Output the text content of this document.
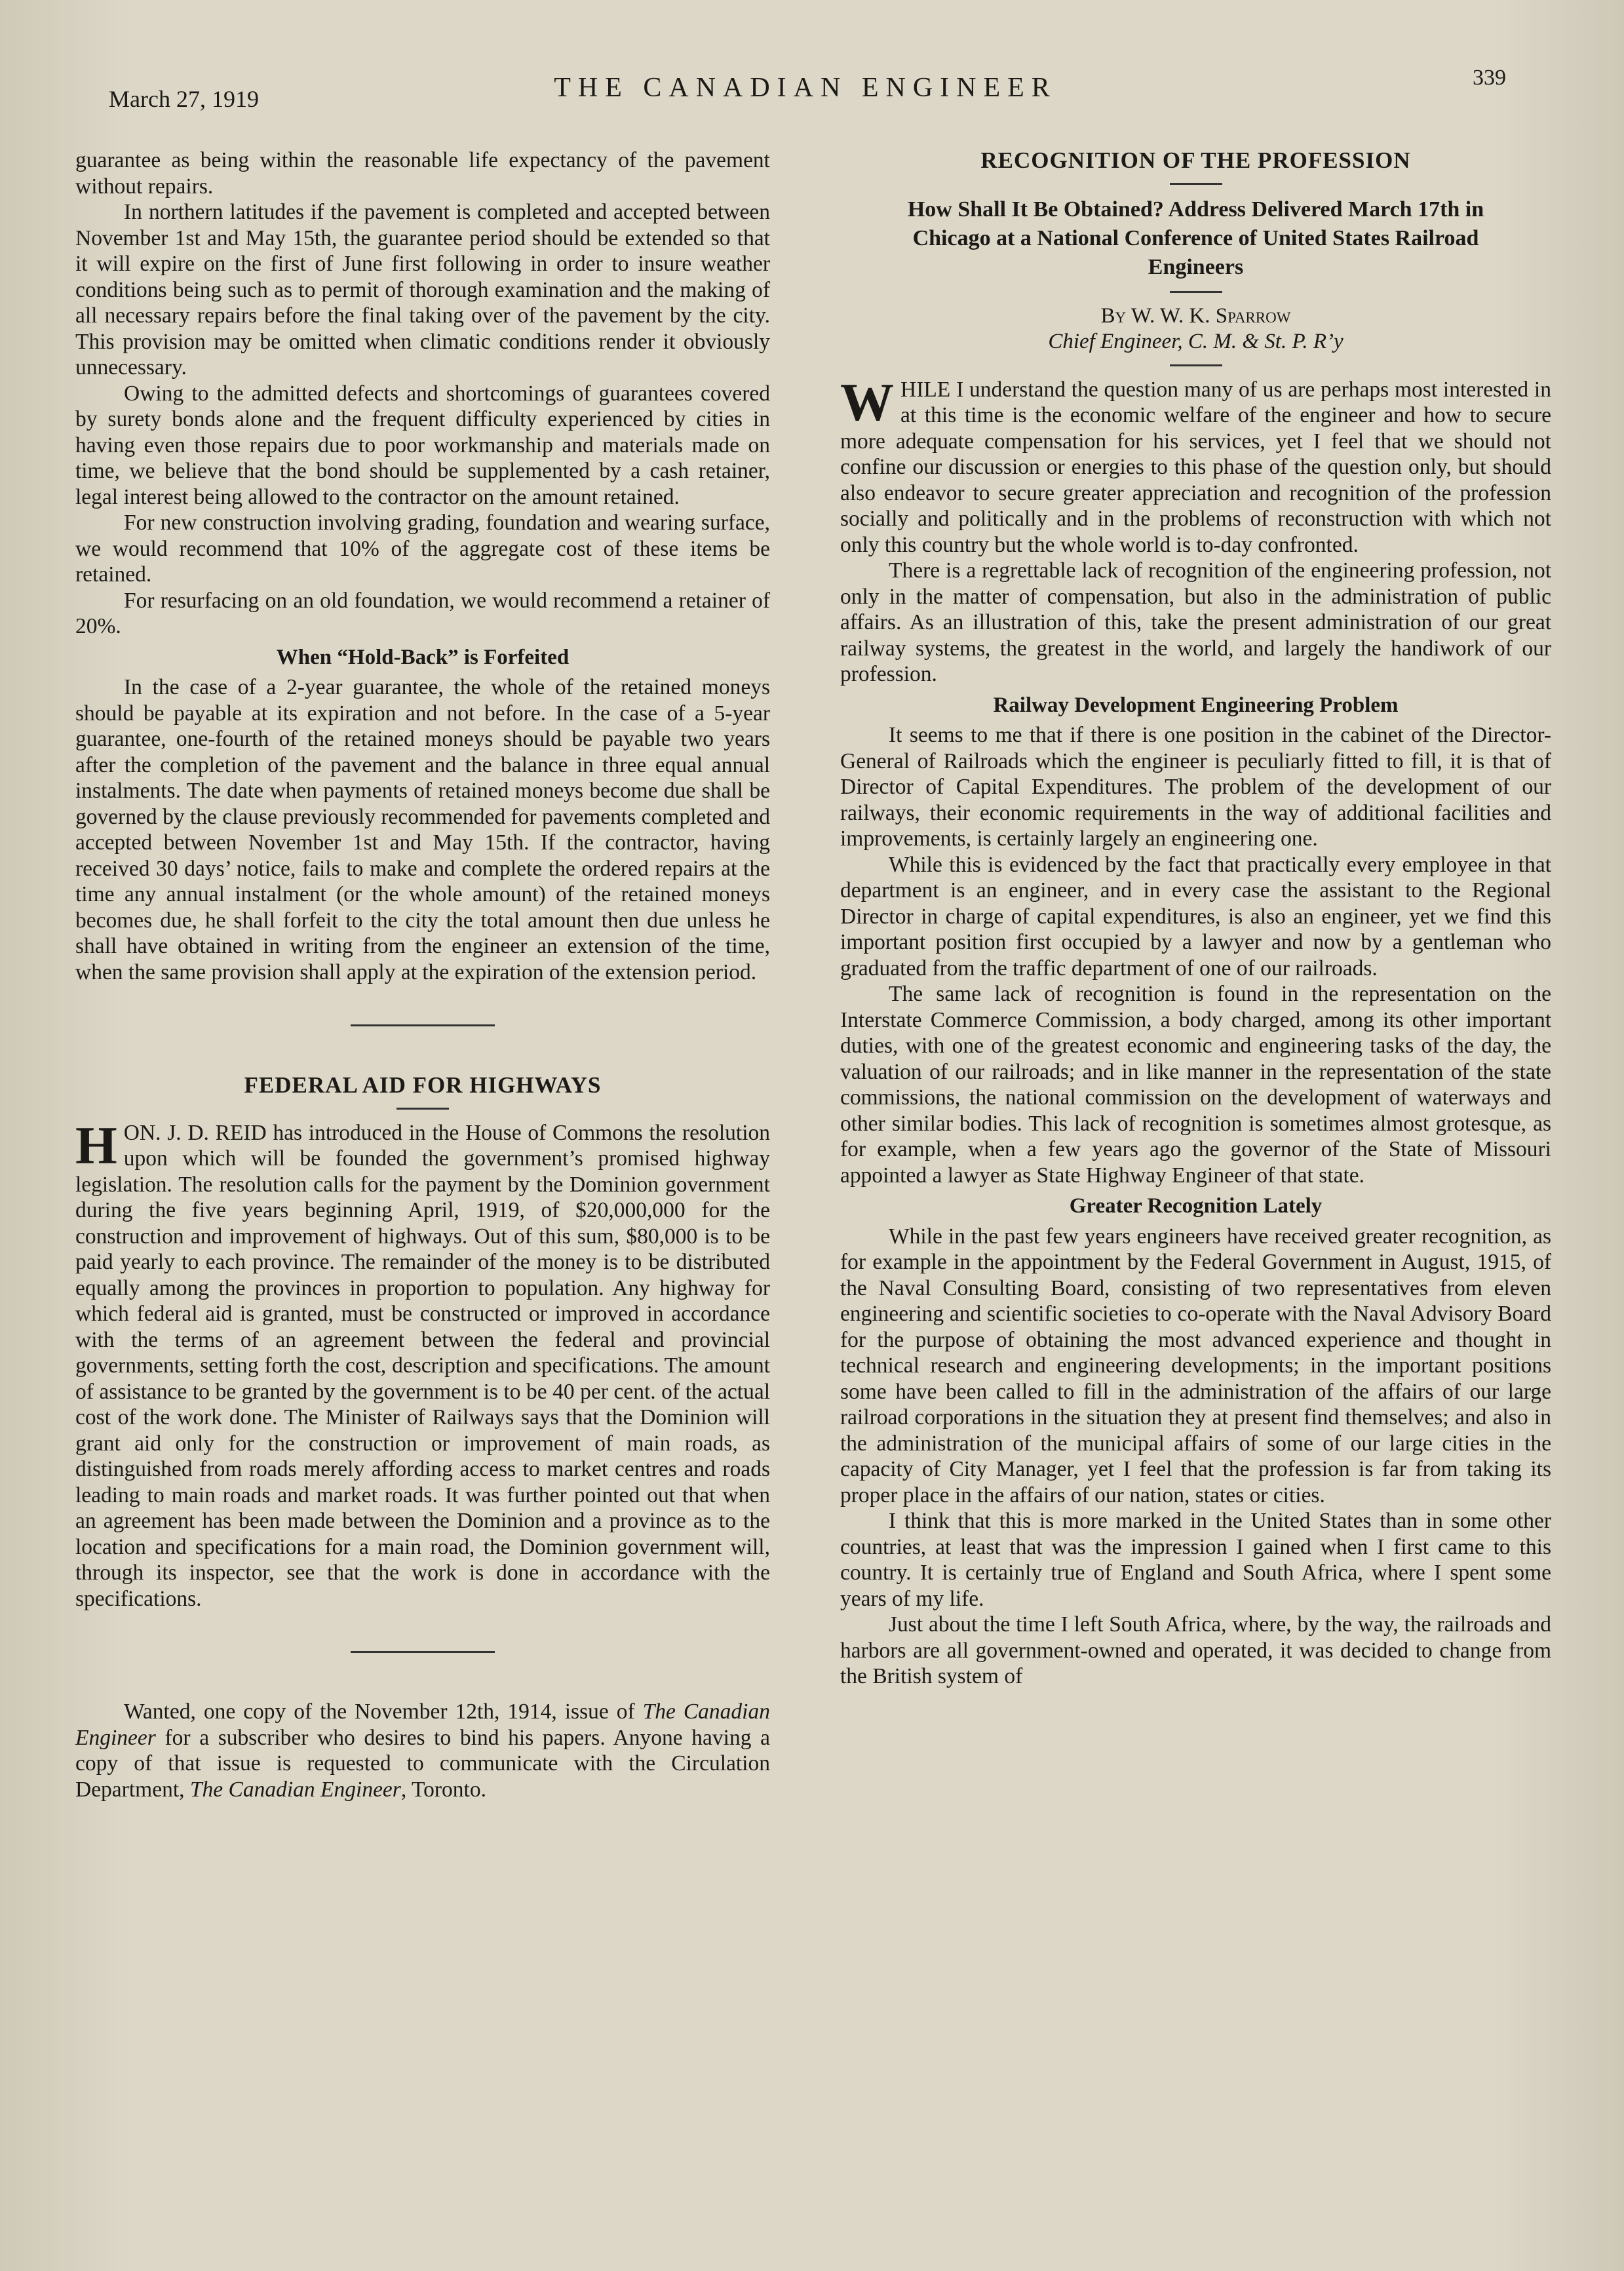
March 27, 1919	THE CANADIAN ENGINEER	339

guarantee as being within the reasonable life expectancy of the pavement without repairs.

In northern latitudes if the pavement is completed and accepted between November 1st and May 15th, the guarantee period should be extended so that it will expire on the first of June first following in order to insure weather conditions being such as to permit of thorough examination and the making of all necessary repairs before the final taking over of the pavement by the city. This provision may be omitted when climatic conditions render it obviously unnecessary.

Owing to the admitted defects and shortcomings of guarantees covered by surety bonds alone and the frequent difficulty experienced by cities in having even those repairs due to poor workmanship and materials made on time, we believe that the bond should be supplemented by a cash retainer, legal interest being allowed to the contractor on the amount retained.

For new construction involving grading, foundation and wearing surface, we would recommend that 10% of the aggregate cost of these items be retained.

For resurfacing on an old foundation, we would recommend a retainer of 20%.

When “Hold-Back” is Forfeited

In the case of a 2-year guarantee, the whole of the retained moneys should be payable at its expiration and not before. In the case of a 5-year guarantee, one-fourth of the retained moneys should be payable two years after the completion of the pavement and the balance in three equal annual instalments. The date when payments of retained moneys become due shall be governed by the clause previously recommended for pavements completed and accepted between November 1st and May 15th. If the contractor, having received 30 days’ notice, fails to make and complete the ordered repairs at the time any annual instalment (or the whole amount) of the retained moneys becomes due, he shall forfeit to the city the total amount then due unless he shall have obtained in writing from the engineer an extension of the time, when the same provision shall apply at the expiration of the extension period.

FEDERAL AID FOR HIGHWAYS

HON. J. D. REID has introduced in the House of Commons the resolution upon which will be founded the government’s promised highway legislation. The resolution calls for the payment by the Dominion government during the five years beginning April, 1919, of $20,000,000 for the construction and improvement of highways. Out of this sum, $80,000 is to be paid yearly to each province. The remainder of the money is to be distributed equally among the provinces in proportion to population. Any highway for which federal aid is granted, must be constructed or improved in accordance with the terms of an agreement between the federal and provincial governments, setting forth the cost, description and specifications. The amount of assistance to be granted by the government is to be 40 per cent. of the actual cost of the work done. The Minister of Railways says that the Dominion will grant aid only for the construction or improvement of main roads, as distinguished from roads merely affording access to market centres and roads leading to main roads and market roads. It was further pointed out that when an agreement has been made between the Dominion and a province as to the location and specifications for a main road, the Dominion government will, through its inspector, see that the work is done in accordance with the specifications.

Wanted, one copy of the November 12th, 1914, issue of The Canadian Engineer for a subscriber who desires to bind his papers. Anyone having a copy of that issue is requested to communicate with the Circulation Department, The Canadian Engineer, Toronto.

RECOGNITION OF THE PROFESSION
How Shall It Be Obtained? Address Delivered March 17th in Chicago at a National Conference of United States Railroad Engineers
By W. W. K. Sparrow
Chief Engineer, C. M. & St. P. R’y

WHILE I understand the question many of us are perhaps most interested in at this time is the economic welfare of the engineer and how to secure more adequate compensation for his services, yet I feel that we should not confine our discussion or energies to this phase of the question only, but should also endeavor to secure greater appreciation and recognition of the profession socially and politically and in the problems of reconstruction with which not only this country but the whole world is to-day confronted.

There is a regrettable lack of recognition of the engineering profession, not only in the matter of compensation, but also in the administration of public affairs. As an illustration of this, take the present administration of our great railway systems, the greatest in the world, and largely the handiwork of our profession.

Railway Development Engineering Problem

It seems to me that if there is one position in the cabinet of the Director-General of Railroads which the engineer is peculiarly fitted to fill, it is that of Director of Capital Expenditures. The problem of the development of our railways, their economic requirements in the way of additional facilities and improvements, is certainly largely an engineering one.

While this is evidenced by the fact that practically every employee in that department is an engineer, and in every case the assistant to the Regional Director in charge of capital expenditures, is also an engineer, yet we find this important position first occupied by a lawyer and now by a gentleman who graduated from the traffic department of one of our railroads.

The same lack of recognition is found in the representation on the Interstate Commerce Commission, a body charged, among its other important duties, with one of the greatest economic and engineering tasks of the day, the valuation of our railroads; and in like manner in the representation of the state commissions, the national commission on the development of waterways and other similar bodies. This lack of recognition is sometimes almost grotesque, as for example, when a few years ago the governor of the State of Missouri appointed a lawyer as State Highway Engineer of that state.

Greater Recognition Lately

While in the past few years engineers have received greater recognition, as for example in the appointment by the Federal Government in August, 1915, of the Naval Consulting Board, consisting of two representatives from eleven engineering and scientific societies to co-operate with the Naval Advisory Board for the purpose of obtaining the most advanced experience and thought in technical research and engineering developments; in the important positions some have been called to fill in the administration of the affairs of our large railroad corporations in the situation they at present find themselves; and also in the administration of the municipal affairs of some of our large cities in the capacity of City Manager, yet I feel that the profession is far from taking its proper place in the affairs of our nation, states or cities.

I think that this is more marked in the United States than in some other countries, at least that was the impression I gained when I first came to this country. It is certainly true of England and South Africa, where I spent some years of my life.

Just about the time I left South Africa, where, by the way, the railroads and harbors are all government-owned and operated, it was decided to change from the British system of
